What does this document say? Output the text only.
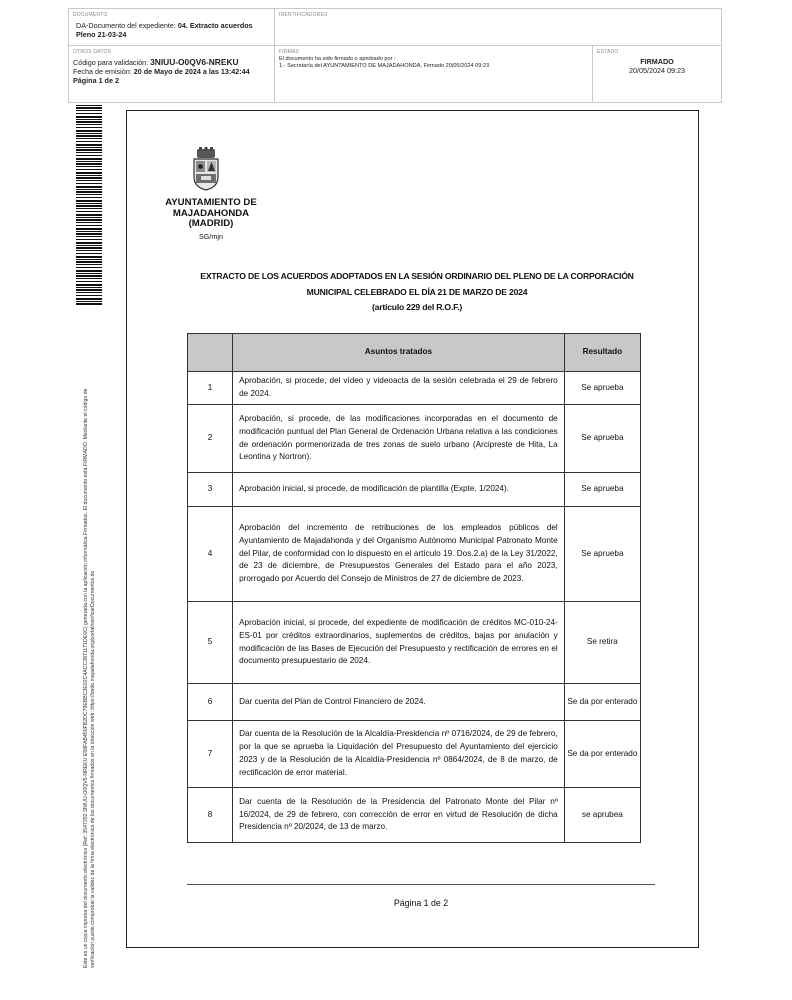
DOCUMENTO
DA-Documento del expediente: 04. Extracto acuerdos Pleno 21-03-24
IDENTIFICADORES
OTROS DATOS
Código para validación: 3NIUU-O0QV6-NREKU
Fecha de emisión: 20 de Mayo de 2024 a las 13:42:44
Página 1 de 2
FIRMAS
El documento ha sido firmado o aprobado por :
1.- Secretaría del AYUNTAMIENTO DE MAJADAHONDA. Firmado 20/05/2024 09:23
ESTADO
FIRMADO
20/05/2024 09:23
Este es un copia impresa del documento electrónico (Ref: 3547292 3NIUU-O0QV6-NREKU E58FAB450FB2DC79EBBC3E02C4ACC2871171DE6C) generada con la aplicación informática Firmadoc. El documento está FIRMADO. Mediante el código de verificación puede comprobar la validez de la firma electrónica de los documentos firmados en la dirección web: https://sede.majadahonda.org/portal/verificarDocumentos.do
AYUNTAMIENTO DE
MAJADAHONDA
(MADRID)
SG/mjn
EXTRACTO DE LOS ACUERDOS ADOPTADOS EN LA SESIÓN ORDINARIO DEL PLENO DE LA CORPORACIÓN
MUNICIPAL CELEBRADO EL DÍA 21 DE MARZO DE 2024
(artículo 229 del R.O.F.)
	Asuntos tratados	Resultado
1	Aprobación, si procede, del vídeo y videoacta de la sesión celebrada el 29 de febrero de 2024.	Se aprueba
2	Aprobación, si procede, de las modificaciones incorporadas en el documento de modificación puntual del Plan General de Ordenación Urbana relativa a las condiciones de ordenación pormenorizada de tres zonas de suelo urbano (Arcipreste de Hita, La Leontina y Nortron).	Se aprueba
3	Aprobación inicial, si procede, de modificación de plantilla (Expte. 1/2024).	Se aprueba
4	Aprobación del incremento de retribuciones de los empleados públicos del Ayuntamiento de Majadahonda y del Organismo Autónomo Municipal Patronato Monte del Pilar, de conformidad con lo dispuesto en el artículo 19. Dos.2.a) de la Ley 31/2022, de 23 de diciembre, de Presupuestos Generales del Estado para el año 2023, prorrogado por Acuerdo del Consejo de Ministros de 27 de diciembre de 2023.	Se aprueba
5	Aprobación inicial, si procede, del expediente de modificación de créditos MC-010-24-ES-01 por créditos extraordinarios, suplementos de créditos, bajas por anulación y modificación de las Bases de Ejecución del Presupuesto y rectificación de errores en el documento presupuestario de 2024.	Se retira
6	Dar cuenta del Plan de Control Financiero de 2024.	Se da por enterado
7	Dar cuenta de la Resolución de la Alcaldía-Presidencia nº 0716/2024, de 29 de febrero, por la que se aprueba la Liquidación del Presupuesto del Ayuntamiento del ejercicio 2023 y de la Resolución de la Alcaldía-Presidencia nº 0864/2024, de 8 de marzo, de rectificación de error material.	Se da por enterado
8	Dar cuenta de la Resolución de la Presidencia del Patronato Monte del Pilar nº 16/2024, de 29 de febrero, con corrección de error en virtud de Resolución de dicha Presidencia nº 20/2024, de 13 de marzo.	se aprubea
Página 1 de 2
